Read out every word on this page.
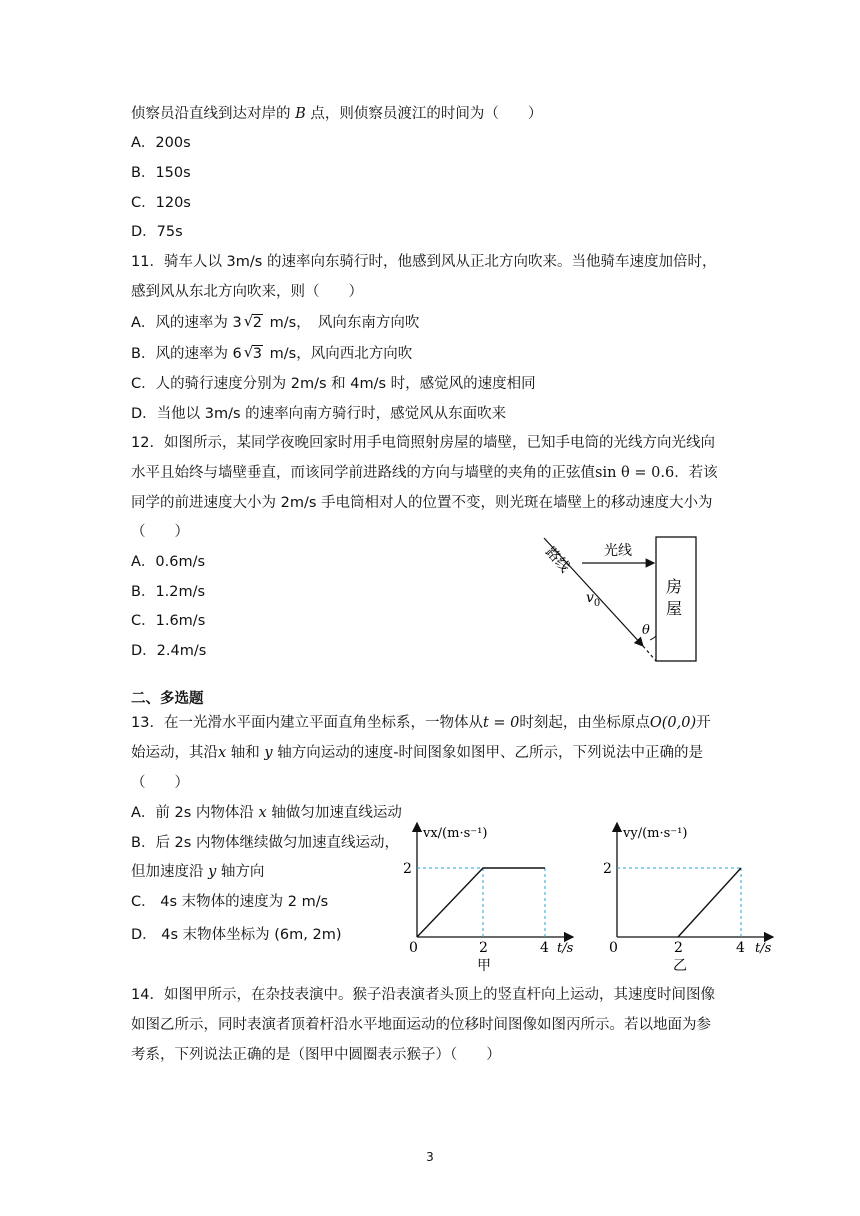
侦察员沿直线到达对岸的 B 点，则侦察员渡江的时间为（　　）
A．200s
B．150s
C．120s
D．75s
11．骑车人以 3m/s 的速率向东骑行时，他感到风从正北方向吹来。当他骑车速度加倍时，
感到风从东北方向吹来，则（　　）
A．风的速率为 3 √ 2 m/s，　风向东南方向吹
B．风的速率为 6 √ 3 m/s，风向西北方向吹
C．人的骑行速度分别为 2m/s 和 4m/s 时，感觉风的速度相同
D．当他以 3m/s 的速率向南方骑行时，感觉风从东面吹来
12．如图所示，某同学夜晚回家时用手电筒照射房屋的墙壁，已知手电筒的光线方向光线向
水平且始终与墙壁垂直，而该同学前进路线的方向与墙壁的夹角的正弦值sin θ = 0.6．若该
同学的前进速度大小为 2m/s 手电筒相对人的位置不变，则光斑在墙壁上的移动速度大小为
（　　）
A．0.6m/s
B．1.2m/s
C．1.6m/s
D．2.4m/s
房
屋
光线
路线
$v_0$
θ
二、多选题
13．在一光滑水平面内建立平面直角坐标系，一物体从t = 0时刻起，由坐标原点O(0,0)开
始运动，其沿x 轴和 y 轴方向运动的速度-时间图象如图甲、乙所示，下列说法中正确的是
（　　）
A．前 2s 内物体沿 x 轴做匀加速直线运动
B．后 2s 内物体继续做匀加速直线运动，
但加速度沿 y 轴方向
C． 4s 末物体的速度为 2 m/s
D． 4s 末物体坐标为 (6m, 2m)
vx/(m·s⁻¹)
2
0	2	4 t/s
甲
vy/(m·s⁻¹)
2
0	2	4 t/s
乙
14．如图甲所示，在杂技表演中。猴子沿表演者头顶上的竖直杆向上运动，其速度时间图像
如图乙所示，同时表演者顶着杆沿水平地面运动的位移时间图像如图丙所示。若以地面为参
考系，下列说法正确的是（图甲中圆圈表示猴子）（　　）
3
